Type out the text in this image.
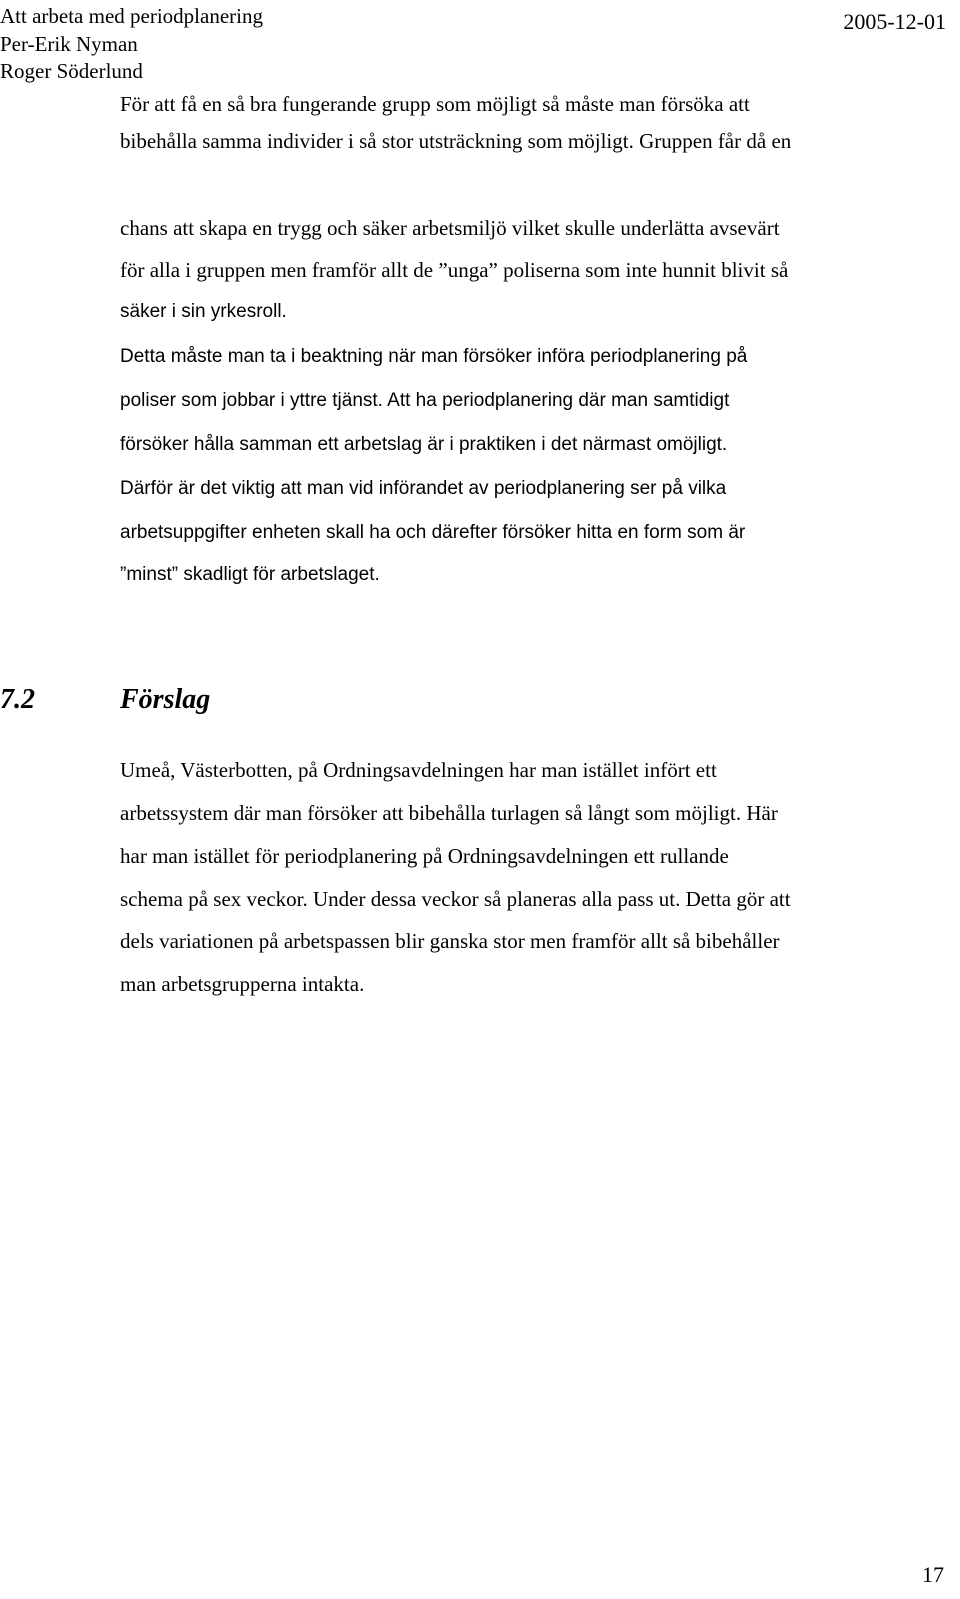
Att arbeta med periodplanering

Per-Erik Nyman

Roger Söderlund

2005-12-01

För att få en så bra fungerande grupp som möjligt så måste man försöka att

bibehålla samma individer i så stor utsträckning som möjligt. Gruppen får då en

chans att skapa en trygg och säker arbetsmiljö vilket skulle underlätta avsevärt

för alla i gruppen men framför allt de ”unga” poliserna som inte hunnit blivit så

säker i sin yrkesroll.

Detta måste man ta i beaktning när man försöker införa periodplanering på

poliser som jobbar i yttre tjänst. Att ha periodplanering där man samtidigt

försöker hålla samman ett arbetslag är i praktiken i det närmast omöjligt.

Därför är det viktig att man vid införandet av periodplanering ser på vilka

arbetsuppgifter enheten skall ha och därefter försöker hitta en form som är

”minst” skadligt för arbetslaget.

7.2	Förslag

Umeå, Västerbotten, på Ordningsavdelningen har man istället infört ett

arbetssystem där man försöker att bibehålla turlagen så långt som möjligt. Här

har man istället för periodplanering på Ordningsavdelningen ett rullande

schema på sex veckor. Under dessa veckor så planeras alla pass ut. Detta gör att

dels variationen på arbetspassen blir ganska stor men framför allt så bibehåller

man arbetsgrupperna intakta.

17
